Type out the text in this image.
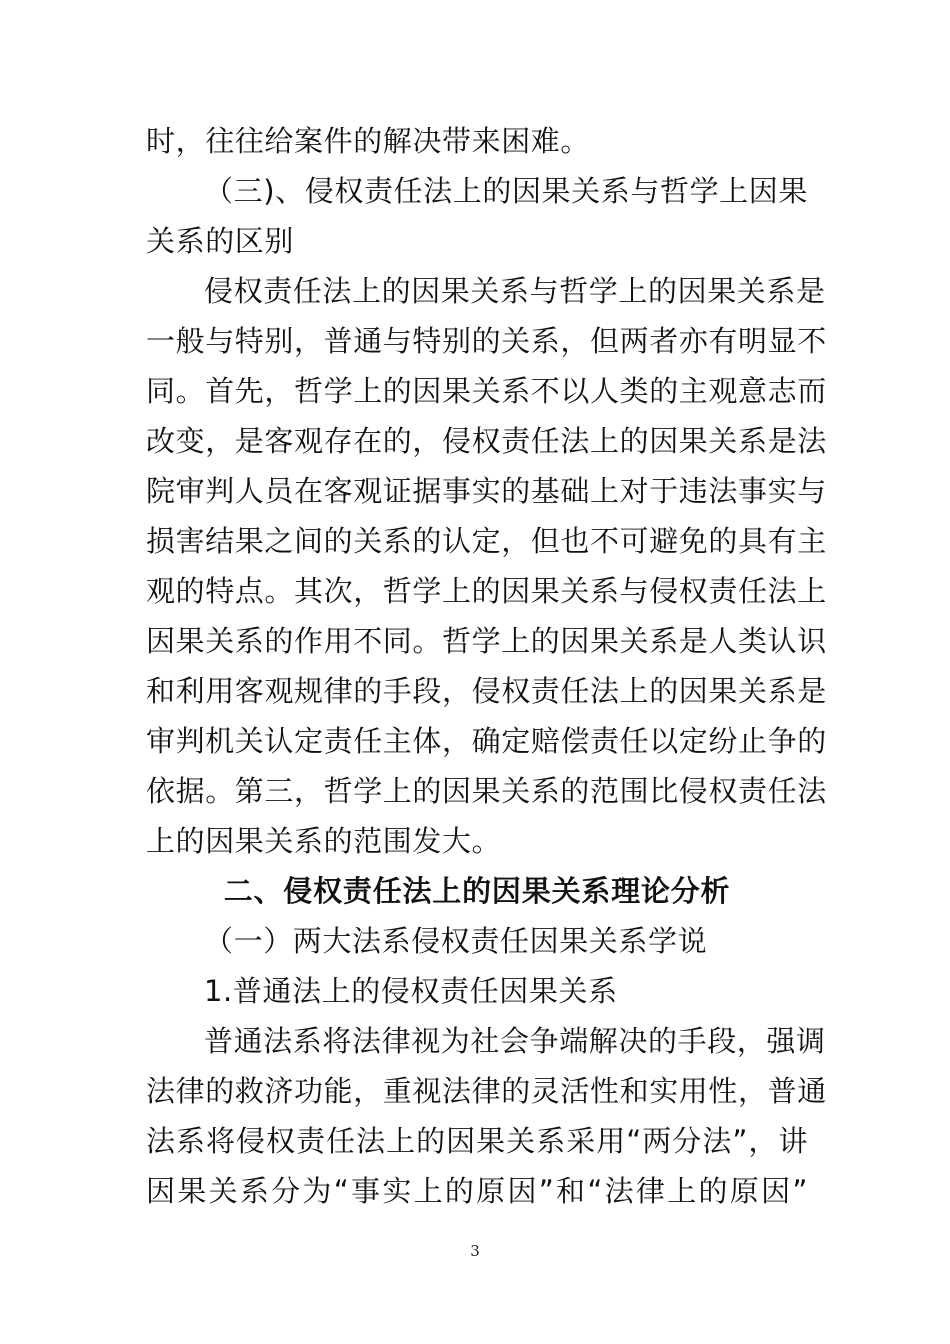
时，往往给案件的解决带来困难。
（三)、侵权责任法上的因果关系与哲学上因果
关系的区别
侵权责任法上的因果关系与哲学上的因果关系是
一般与特别，普通与特别的关系，但两者亦有明显不
同。首先，哲学上的因果关系不以人类的主观意志而
改变，是客观存在的，侵权责任法上的因果关系是法
院审判人员在客观证据事实的基础上对于违法事实与
损害结果之间的关系的认定，但也不可避免的具有主
观的特点。其次，哲学上的因果关系与侵权责任法上
因果关系的作用不同。哲学上的因果关系是人类认识
和利用客观规律的手段，侵权责任法上的因果关系是
审判机关认定责任主体，确定赔偿责任以定纷止争的
依据。第三，哲学上的因果关系的范围比侵权责任法
上的因果关系的范围发大。
二、侵权责任法上的因果关系理论分析
（一）两大法系侵权责任因果关系学说
1.普通法上的侵权责任因果关系
普通法系将法律视为社会争端解决的手段，强调
法律的救济功能，重视法律的灵活性和实用性，普通
法系将侵权责任法上的因果关系采用“两分法”，讲
因果关系分为“事实上的原因”和“法律上的原因”
3
